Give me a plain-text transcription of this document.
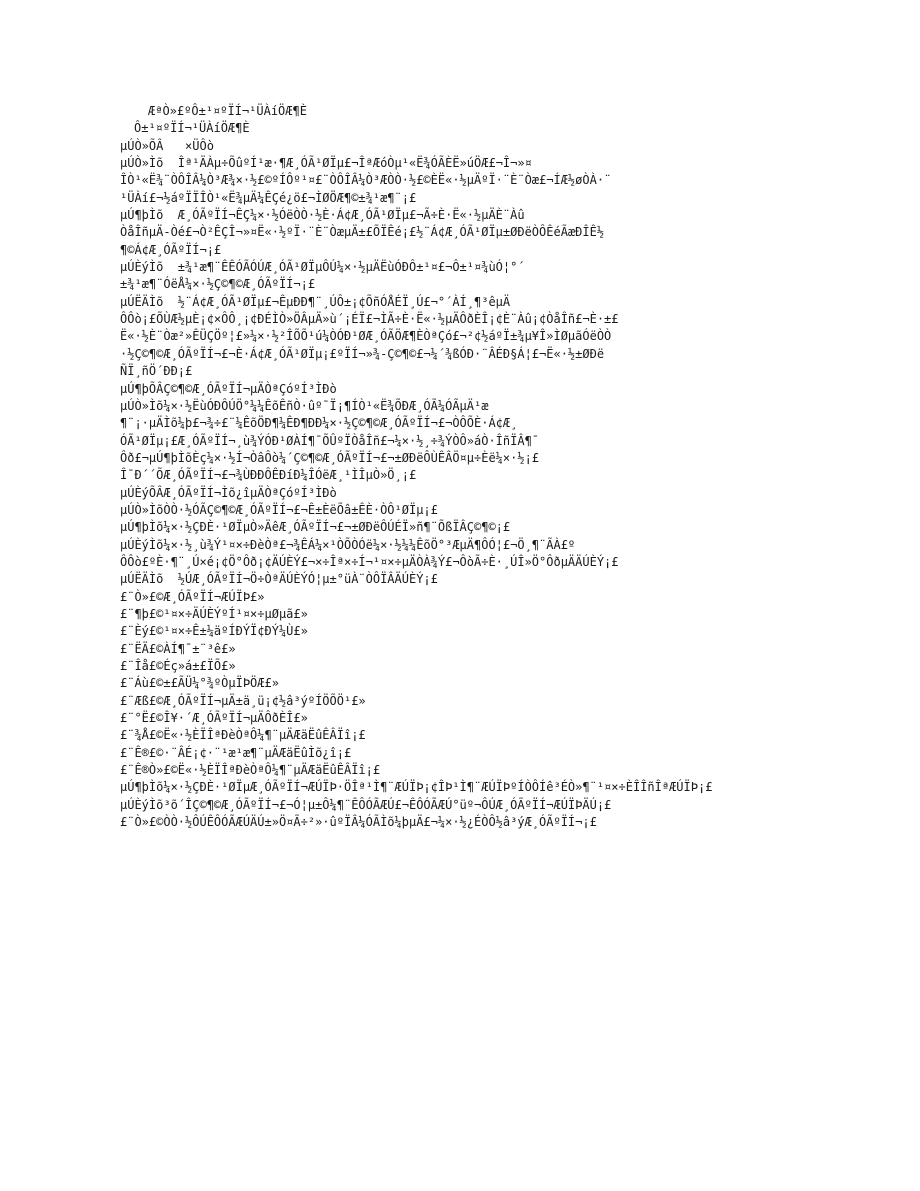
ÆªÒ»£ºÔ±¹¤ºÏÍ¬¹ÜÀíÖÆ¶È
Ô±¹¤ºÏÍ¬¹ÜÀíÖÆ¶È
µÚÒ»ÕÂ   ×ÜÔò
µÚÒ»Ìõ  Îª¹ÄÀµ÷ÕûºÍ¹æ·¶Æ¸ÓÃ¹ØÏµ£¬ÎªÆóÒµ¹«Ë¾ÓÃÈË»úÖÆ£¬Î¬»¤
ÎÒ¹«Ë¾¨ÒÔÎÂ¼Ò³Æ¾×·½£©ºÍÔº¹¤£¨ÒÔÎÂ¼Ò³ÆÒÒ·½£©ÈË«·½µÄºÏ·¨È¨Òæ£¬ÍÆ½øÒÀ·¨
¹ÜÀí£¬½áºÏÏÎÒ¹«Ë¾µÄ¼ÊÇé¿ö£¬ÌØÖÆ¶©±¾¹æ¶¨¡£
µÚ¶þÌõ  Æ¸ÓÃºÏÍ¬ÊÇ¼×·½ÓëÒÒ·½È·Á¢Æ¸ÓÃ¹ØÏµ£¬Ã÷È·Ë«·½µÄÈ¨Àû
ÒåÎñµÄ-Òé£¬Ò²ÊÇÎ¬»¤Ë«·½ºÏ·¨È¨ÒæµÄ±£ÕÏÊé¡£½¨Á¢Æ¸ÓÃ¹ØÏµ±ØÐëÒÔÊéÃæÐÎÊ½
¶©Á¢Æ¸ÓÃºÏÍ¬¡£
µÚÈýÌõ  ±¾¹æ¶¨ÊÊÓÃÓÚÆ¸ÓÃ¹ØÏµÔÚ¼×·½µÄËùÓÐÔ±¹¤£¬Ô±¹¤¾ùÓ¦°´
±¾¹æ¶¨ÓëÅ¼×·½Ç©¶©Æ¸ÓÃºÏÍ¬¡£
µÚËÄÌõ  ½¨Á¢Æ¸ÓÃ¹ØÏµ£¬ÊµÐÐ¶¨¸ÚÔ±¡¢ÕñÓÅÉÏ¸Ú£¬°´ÀÍ¸¶³êµÄ
ÔÔò¡£ÕÙÆ½µÈ¡¢×ÔÔ¸¡¢ÐÉÌÒ»ÖÂµÄ»ù´¡ÉÏ£¬ÌÃ÷È·Ë«·½µÄÔðÈÎ¡¢È¨Àû¡¢ÒåÎñ£¬È·±£
Ë«·½È¨Òæ²»ÊÜÇÖº¦£»¼×·½²ÎÕÕ¹ú¼ÒÓÐ¹ØÆ¸ÓÃÖÆ¶ÈÒªÇó£¬²¢½áºÏ±¾µ¥Î»ÌØµãÓëÒÒ
·½Ç©¶©Æ¸ÓÃºÏÍ¬£¬È·Á¢Æ¸ÓÃ¹ØÏµ¡£ºÏÍ¬»¾-Ç©¶©£¬¼´¾ßÓÐ·¨ÂÉÐ§Á¦£¬Ë«·½±ØÐë
ÑÏ¸ñÖ´ÐÐ¡£
µÚ¶þÕÂÇ©¶©Æ¸ÓÃºÏÍ¬µÄÒªÇóºÍ³ÌÐò
µÚÒ»Ìõ¼×·½ËùÓÐÔÚÖ°¼¼ÊõÊñÒ·ûº¯Ï¡¶ÍÒ¹«Ë¾ÕÐÆ¸ÓÃ¼ÓÃµÄ¹æ
¶¨¡·µÄÌõ¼þ£¬¾÷£¨¼ÊõÖÐ¶¼ÊÐ¶ÐÐ¼×·½Ç©¶©Æ¸ÓÃºÏÍ¬£¬ÒÔÕÈ·Á¢Æ¸
ÓÃ¹ØÏµ¡£Æ¸ÓÃºÏÍ¬¸ù¾ÝÓÐ¹ØÀÍ¶¯ÕÛºÏÒåÎñ£¬¼×·½¸÷¾ÝÒÔ»áÒ·ÎñÏÂ¶¯
Ôð£¬µÚ¶þÌõÈç¼×·½Í¬ÒâÔò¼´Ç©¶©Æ¸ÓÃºÏÍ¬£¬±ØÐëÔÙÊÂÖ¤µ÷Èë¼×·½¡£
Î¯Ð´´ÕÆ¸ÓÃºÏÍ¬£¬¾ÙÐÐÔÊÐíÐ¼ÎÓëÆ¸¹ÌÎµÒ»Ö¸¡£
µÚÈýÕÂÆ¸ÓÃºÏÍ¬Ìõ¿îµÄÒªÇóºÍ³ÌÐò
µÚÒ»ÌõÒÒ·½ÓÃÇ©¶©Æ¸ÓÃºÏÍ¬£¬Ê±ÈëÕâ±ÊÈ·ÒÔ¹ØÏµ¡£
µÚ¶þÌõ¼×·½ÇÐÈ·¹ØÏµÒ»ÄêÆ¸ÓÃºÏÍ¬£¬±ØÐëÔÚÉÏ»ñ¶¨ÕßÏÂÇ©¶©¡£
µÚÈýÌõ¼×·½¸ù¾Ý¹¤×÷ÐèÒª£¬¾ÊÁ¼×¹ÒÕÒÓë¼×·½¼¼ÊõÖ°³ÆµÄ¶ÔÓ¦£¬Ö¸¶¨ÃÀ£º
ÔÔò£ºÈ·¶¨¸Ú×é¡¢Ö°Ôð¡¢ÄÚÈÝ£¬×÷Îª×÷Í¬¹¤×÷µÄÒÀ¾Ý£¬ÔòÃ÷È·¸ÚÎ»Ö°ÔðµÄÄÚÈÝ¡£
µÚËÄÌõ  ½ÚÆ¸ÓÃºÏÍ¬Ö÷ÒªÄÚÈÝÓ¦µ±°üÀ¨ÒÔÏÂÄÚÈÝ¡£
£¨Ò»£©Æ¸ÓÃºÏÍ¬ÆÚÏÞ£»
£¨¶þ£©¹¤×÷ÄÚÈÝºÍ¹¤×÷µØµã£»
£¨Èý£©¹¤×÷Ê±¼äºÍÐÝÏ¢ÐÝ¼Ù£»
£¨ËÄ£©ÀÍ¶¯±¨³ê£»
£¨Îå£©Éç»á±£ÏÕ£»
£¨Áù£©±£ÃÜ¼°¾ºÒµÏÞÖÆ£»
£¨Æß£©Æ¸ÓÃºÏÍ¬µÄ±ä¸ü¡¢½â³ýºÍÖÕÖ¹£»
£¨°Ë£©Î¥·´Æ¸ÓÃºÏÍ¬µÄÔðÈÎ£»
£¨¾Å£©Ë«·½ÈÏÎªÐèÒªÔ¼¶¨µÄÆäËûÊÂÏî¡£
£¨Ê®£©·¨ÂÉ¡¢·¨¹æ¹æ¶¨µÄÆäËûÌõ¿î¡£
£¨Ê®Ò»£©Ë«·½ÈÏÎªÐèÒªÔ¼¶¨µÄÆäËûÊÂÏî¡£
µÚ¶þÌõ¼×·½ÇÐÈ·¹ØÏµÆ¸ÓÃºÏÍ¬ÆÚÏÞ·ÖÎª¹Ì¶¨ÆÚÏÞ¡¢ÎÞ¹Ì¶¨ÆÚÏÞºÍÒÔÍê³ÉÒ»¶¨¹¤×÷ÈÎÎñÎªÆÚÏÞ¡£
µÚÈýÌõ³õ´ÎÇ©¶©Æ¸ÓÃºÏÍ¬£¬Ó¦µ±Ô¼¶¨ÊÔÓÃÆÚ£¬ÊÔÓÃÆÚ°üº¬ÔÚÆ¸ÓÃºÏÍ¬ÆÚÏÞÄÚ¡£
£¨Ò»£©ÒÒ·½ÔÚÊÔÓÃÆÚÄÚ±»Ö¤Ã÷²»·ûºÏÂ¼ÓÃÌõ¼þµÄ£¬¼×·½¿ÉÒÔ½â³ýÆ¸ÓÃºÏÍ¬¡£
